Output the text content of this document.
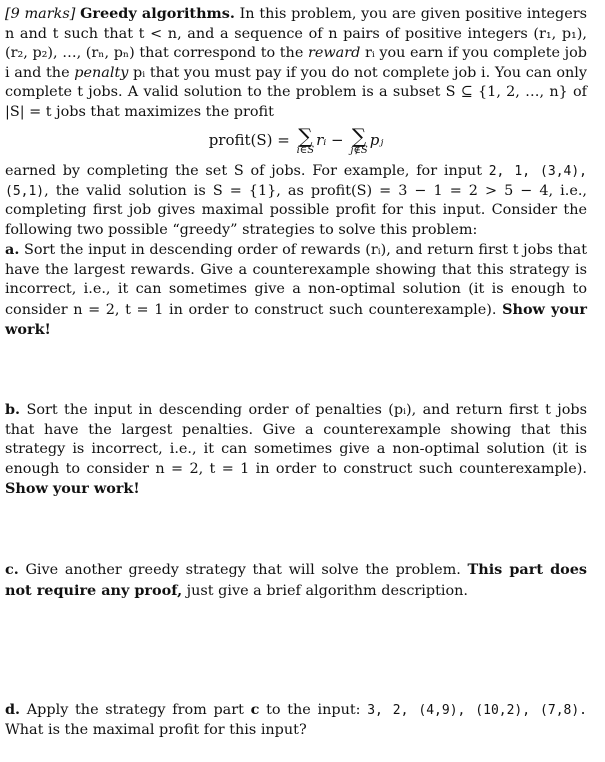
[9 marks] Greedy algorithms. In this problem, you are given positive integers n and t such that t < n, and a sequence of n pairs of positive integers (r₁, p₁), (r₂, p₂), …, (rₙ, pₙ) that correspond to the reward rᵢ you earn if you complete job i and the penalty pᵢ that you must pay if you do not complete job i. You can only complete t jobs. A valid solution to the problem is a subset S ⊆ {1, 2, …, n} of |S| = t jobs that maximizes the profit

profit(S) = ∑
i∈S
rᵢ − ∑
j∉S
pⱼ

earned by completing the set S of jobs. For example, for input 2, 1, (3,4), (5,1), the valid solution is S = {1}, as profit(S) = 3 − 1 = 2 > 5 − 4, i.e., completing first job gives maximal possible profit for this input. Consider the following two possible “greedy” strategies to solve this problem:

a. Sort the input in descending order of rewards (rᵢ), and return first t jobs that have the largest rewards. Give a counterexample showing that this strategy is incorrect, i.e., it can sometimes give a non-optimal solution (it is enough to consider n = 2, t = 1 in order to construct such counterexample). Show your work!

b. Sort the input in descending order of penalties (pᵢ), and return first t jobs that have the largest penalties. Give a counterexample showing that this strategy is incorrect, i.e., it can sometimes give a non-optimal solution (it is enough to consider n = 2, t = 1 in order to construct such counterexample). Show your work!

c. Give another greedy strategy that will solve the problem. This part does not require any proof, just give a brief algorithm description.

d. Apply the strategy from part c to the input: 3, 2, (4,9), (10,2), (7,8). What is the maximal profit for this input?
